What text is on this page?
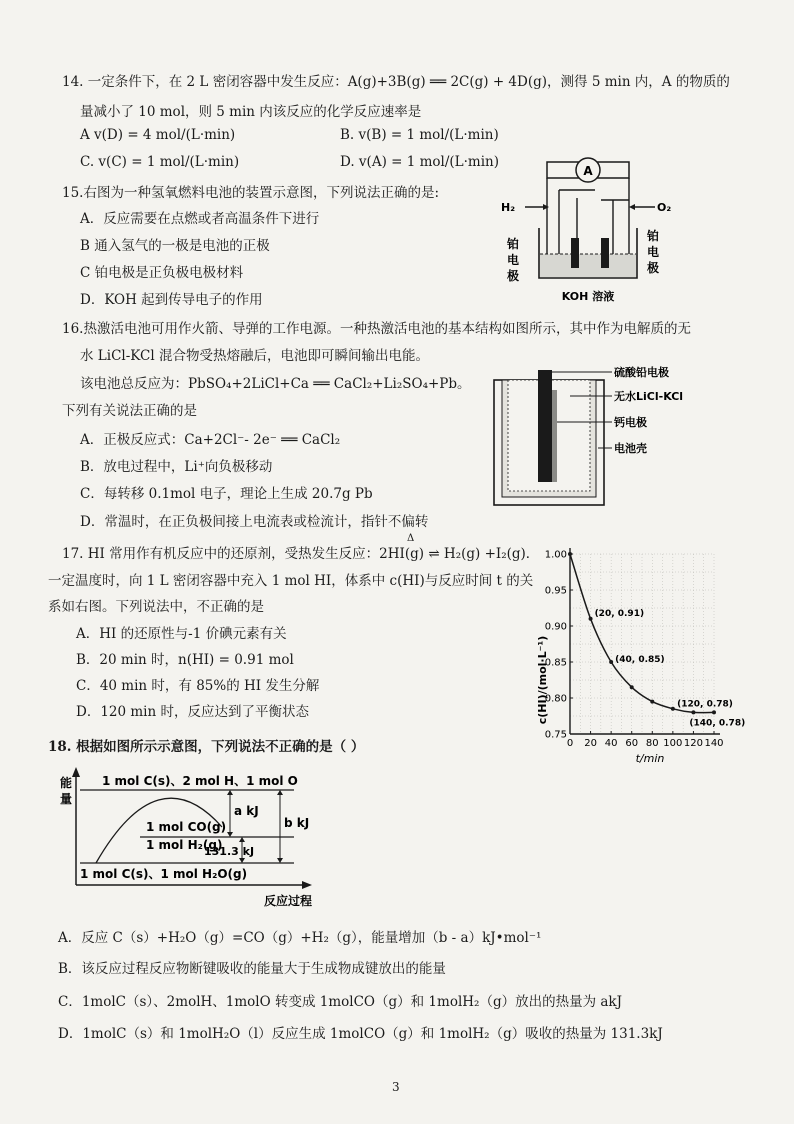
14. 一定条件下，在 2 L 密闭容器中发生反应：A(g)+3B(g) ══ 2C(g) + 4D(g)，测得 5 min 内，A 的物质的
量减小了 10 mol，则 5 min 内该反应的化学反应速率是
A v(D) = 4 mol/(L·min)	B. v(B) = 1 mol/(L·min)
C. v(C) = 1 mol/(L·min)	D. v(A) = 1 mol/(L·min)
15.右图为一种氢氧燃料电池的装置示意图，下列说法正确的是:
A．反应需要在点燃或者高温条件下进行
B 通入氢气的一极是电池的正极
C 铂电极是正负极电极材料
D．KOH 起到传导电子的作用
A
H₂	O₂
铂
电
极
铂
电
极
KOH 溶液
16.热激活电池可用作火箭、导弹的工作电源。一种热激活电池的基本结构如图所示，其中作为电解质的无
水 LiCl-KCl 混合物受热熔融后，电池即可瞬间输出电能。
该电池总反应为：PbSO₄+2LiCl+Ca ══ CaCl₂+Li₂SO₄+Pb。
下列有关说法正确的是
A．正极反应式：Ca+2Cl⁻- 2e⁻ ══ CaCl₂
B．放电过程中，Li⁺向负极移动
C．每转移 0.1mol 电子，理论上生成 20.7g Pb
D．常温时，在正负极间接上电流表或检流计，指针不偏转
硫酸铅电极
无水LiCl-KCl
钙电极
电池壳
17. HI 常用作有机反应中的还原剂，受热发生反应：2HI(g) ⇌ H₂(g) +I₂(g)．
Δ
一定温度时，向 1 L 密闭容器中充入 1 mol HI，体系中 c(HI)与反应时间 t 的关
系如右图。下列说法中，不正确的是
A．HI 的还原性与-1 价碘元素有关
B．20 min 时，n(HI) = 0.91 mol
C．40 min 时，有 85%的 HI 发生分解
D．120 min 时，反应达到了平衡状态
0 20 40 60 80 100 120 140
0.75
0.80
0.85
0.90
0.95
1.00
(20, 0.91)
(40, 0.85)
(120, 0.78)
(140, 0.78)
c(HI)/(mol·L⁻¹)
t/min
18. 根据如图所示示意图，下列说法不正确的是（ ）
能
量
1 mol C(s)、2 mol H、1 mol O
1 mol CO(g)
1 mol H₂(g)
1 mol C(s)、1 mol H₂O(g)
a kJ
131.3 kJ
b kJ
反应过程
A．反应 C（s）+H₂O（g）=CO（g）+H₂（g），能量增加（b - a）kJ•mol⁻¹
B．该反应过程反应物断键吸收的能量大于生成物成键放出的能量
C．1molC（s）、2molH、1molO 转变成 1molCO（g）和 1molH₂（g）放出的热量为 akJ
D．1molC（s）和 1molH₂O（l）反应生成 1molCO（g）和 1molH₂（g）吸收的热量为 131.3kJ
3
